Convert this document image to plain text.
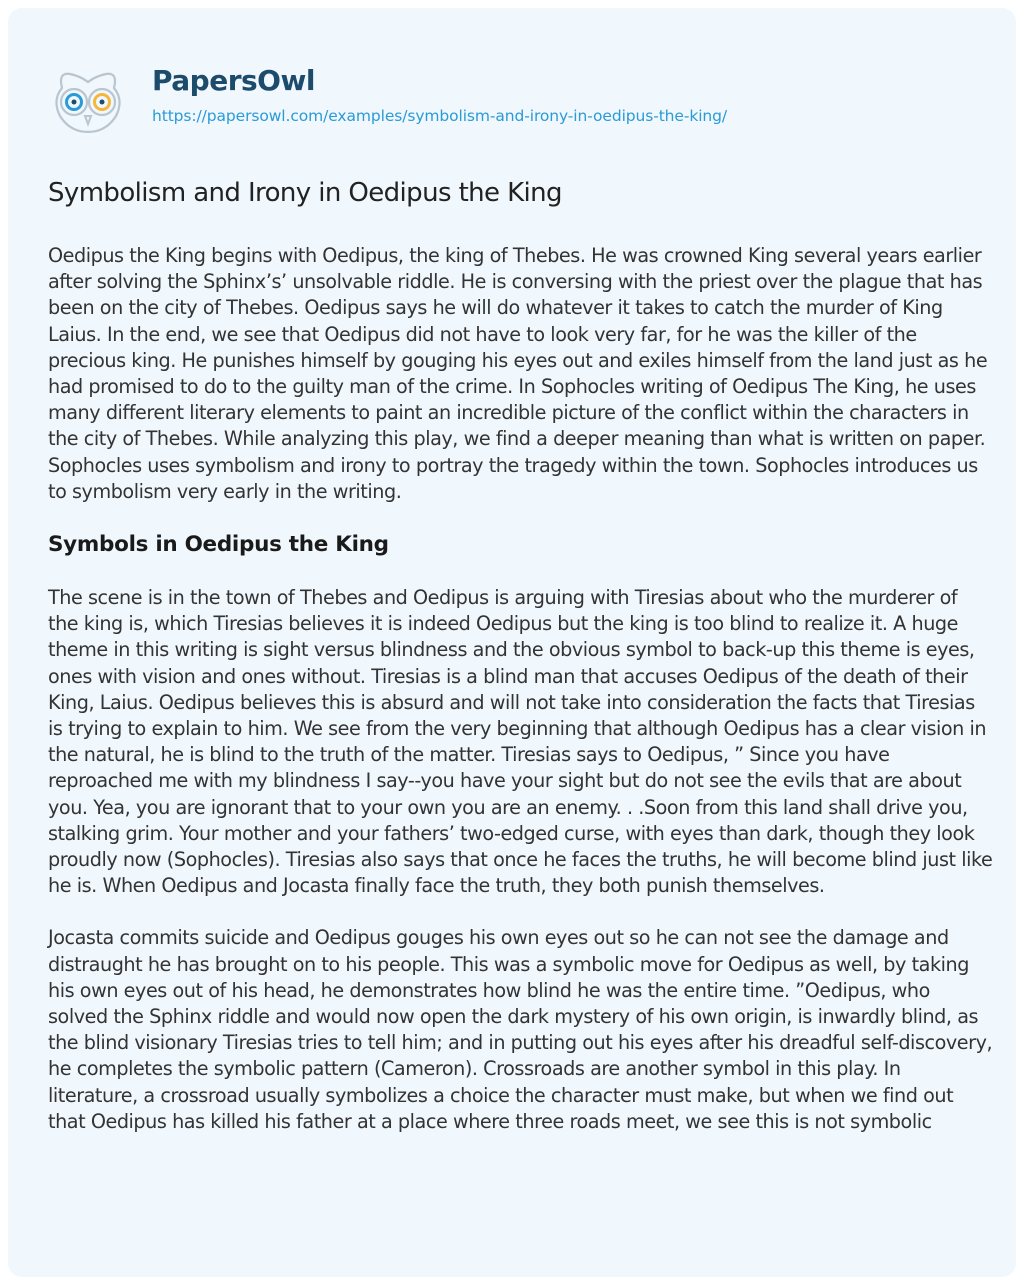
PapersOwl
https://papersowl.com/examples/symbolism-and-irony-in-oedipus-the-king/
Symbolism and Irony in Oedipus the King

Oedipus the King begins with Oedipus, the king of Thebes. He was crowned King several years earlier after solving the Sphinx’s’ unsolvable riddle. He is conversing with the priest over the plague that has been on the city of Thebes. Oedipus says he will do whatever it takes to catch the murder of King Laius. In the end, we see that Oedipus did not have to look very far, for he was the killer of the precious king. He punishes himself by gouging his eyes out and exiles himself from the land just as he had promised to do to the guilty man of the crime. In Sophocles writing of Oedipus The King, he uses many different literary elements to paint an incredible picture of the conflict within the characters in the city of Thebes. While analyzing this play, we find a deeper meaning than what is written on paper. Sophocles uses symbolism and irony to portray the tragedy within the town. Sophocles introduces us to symbolism very early in the writing.

Symbols in Oedipus the King

The scene is in the town of Thebes and Oedipus is arguing with Tiresias about who the murderer of the king is, which Tiresias believes it is indeed Oedipus but the king is too blind to realize it. A huge theme in this writing is sight versus blindness and the obvious symbol to back-up this theme is eyes, ones with vision and ones without. Tiresias is a blind man that accuses Oedipus of the death of their King, Laius. Oedipus believes this is absurd and will not take into consideration the facts that Tiresias is trying to explain to him. We see from the very beginning that although Oedipus has a clear vision in the natural, he is blind to the truth of the matter. Tiresias says to Oedipus, ” Since you have reproached me with my blindness I say--you have your sight but do not see the evils that are about you. Yea, you are ignorant that to your own you are an enemy. . .Soon from this land shall drive you, stalking grim. Your mother and your fathers’ two-edged curse, with eyes than dark, though they look proudly now (Sophocles). Tiresias also says that once he faces the truths, he will become blind just like he is. When Oedipus and Jocasta finally face the truth, they both punish themselves.

Jocasta commits suicide and Oedipus gouges his own eyes out so he can not see the damage and distraught he has brought on to his people. This was a symbolic move for Oedipus as well, by taking his own eyes out of his head, he demonstrates how blind he was the entire time. ”Oedipus, who solved the Sphinx riddle and would now open the dark mystery of his own origin, is inwardly blind, as the blind visionary Tiresias tries to tell him; and in putting out his eyes after his dreadful self-discovery, he completes the symbolic pattern (Cameron). Crossroads are another symbol in this play. In literature, a crossroad usually symbolizes a choice the character must make, but when we find out that Oedipus has killed his father at a place where three roads meet, we see this is not symbolic
